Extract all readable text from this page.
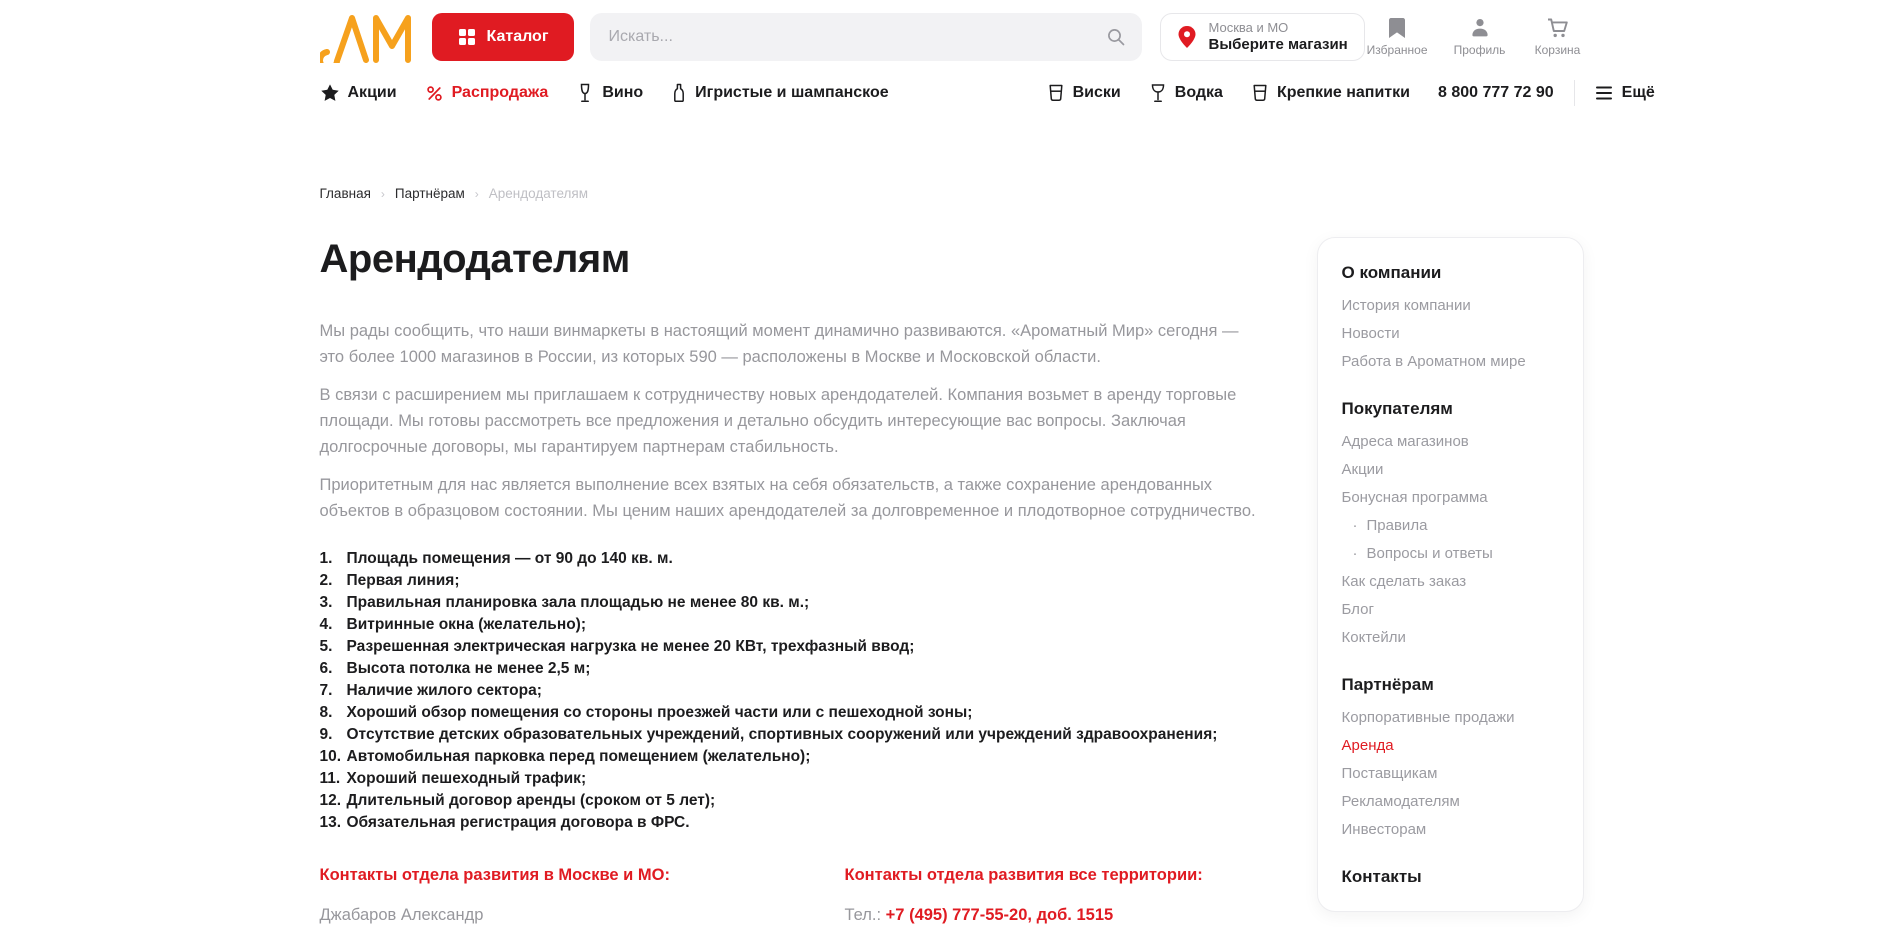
Каталог
Искать...
Москва и МО
Выберите магазин Избранное Профиль Корзина
Акции	Распродажа	Вино	Игристые и шампанское	Виски	Водка	Крепкие напитки 8 800 777 72 90	Ещё
Главная › Партнёрам › Арендодателям
Арендодателям

Мы рады сообщить, что наши винмаркеты в настоящий момент динамично развиваются. «Ароматный Мир» сегодня — это более 1000 магазинов в России, из которых 590 — расположены в Москве и Московской области.

В связи с расширением мы приглашаем к сотрудничеству новых арендодателей. Компания возьмет в аренду торговые площади. Мы готовы рассмотреть все предложения и детально обсудить интересующие вас вопросы. Заключая долгосрочные договоры, мы гарантируем партнерам стабильность.

Приоритетным для нас является выполнение всех взятых на себя обязательств, а также сохранение арендованных объектов в образцовом состоянии. Мы ценим наших арендодателей за долговременное и плодотворное сотрудничество.

Площадь помещения — от 90 до 140 кв. м.
Первая линия;
Правильная планировка зала площадью не менее 80 кв. м.;
Витринные окна (желательно);
Разрешенная электрическая нагрузка не менее 20 КВт, трехфазный ввод;
Высота потолка не менее 2,5 м;
Наличие жилого сектора;
Хороший обзор помещения со стороны проезжей части или с пешеходной зоны;
Отсутствие детских образовательных учреждений, спортивных сооружений или учреждений здравоохранения;
Автомобильная парковка перед помещением (желательно);
Хороший пешеходный трафик;
Длительный договор аренды (сроком от 5 лет);
Обязательная регистрация договора в ФРС.

Контакты отдела развития в Москве и МО:

Джабаров Александр

Контакты отдела развития все территории:

Тел.: +7 (495) 777-55-20, доб. 1515
О компании
История компании
Новости
Работа в Ароматном мире
Покупателям
Адреса магазинов
Акции
Бонусная программа
· Правила
· Вопросы и ответы
Как сделать заказ
Блог
Коктейли
Партнёрам
Корпоративные продажи
Аренда
Поставщикам
Рекламодателям
Инвесторам
Контакты
